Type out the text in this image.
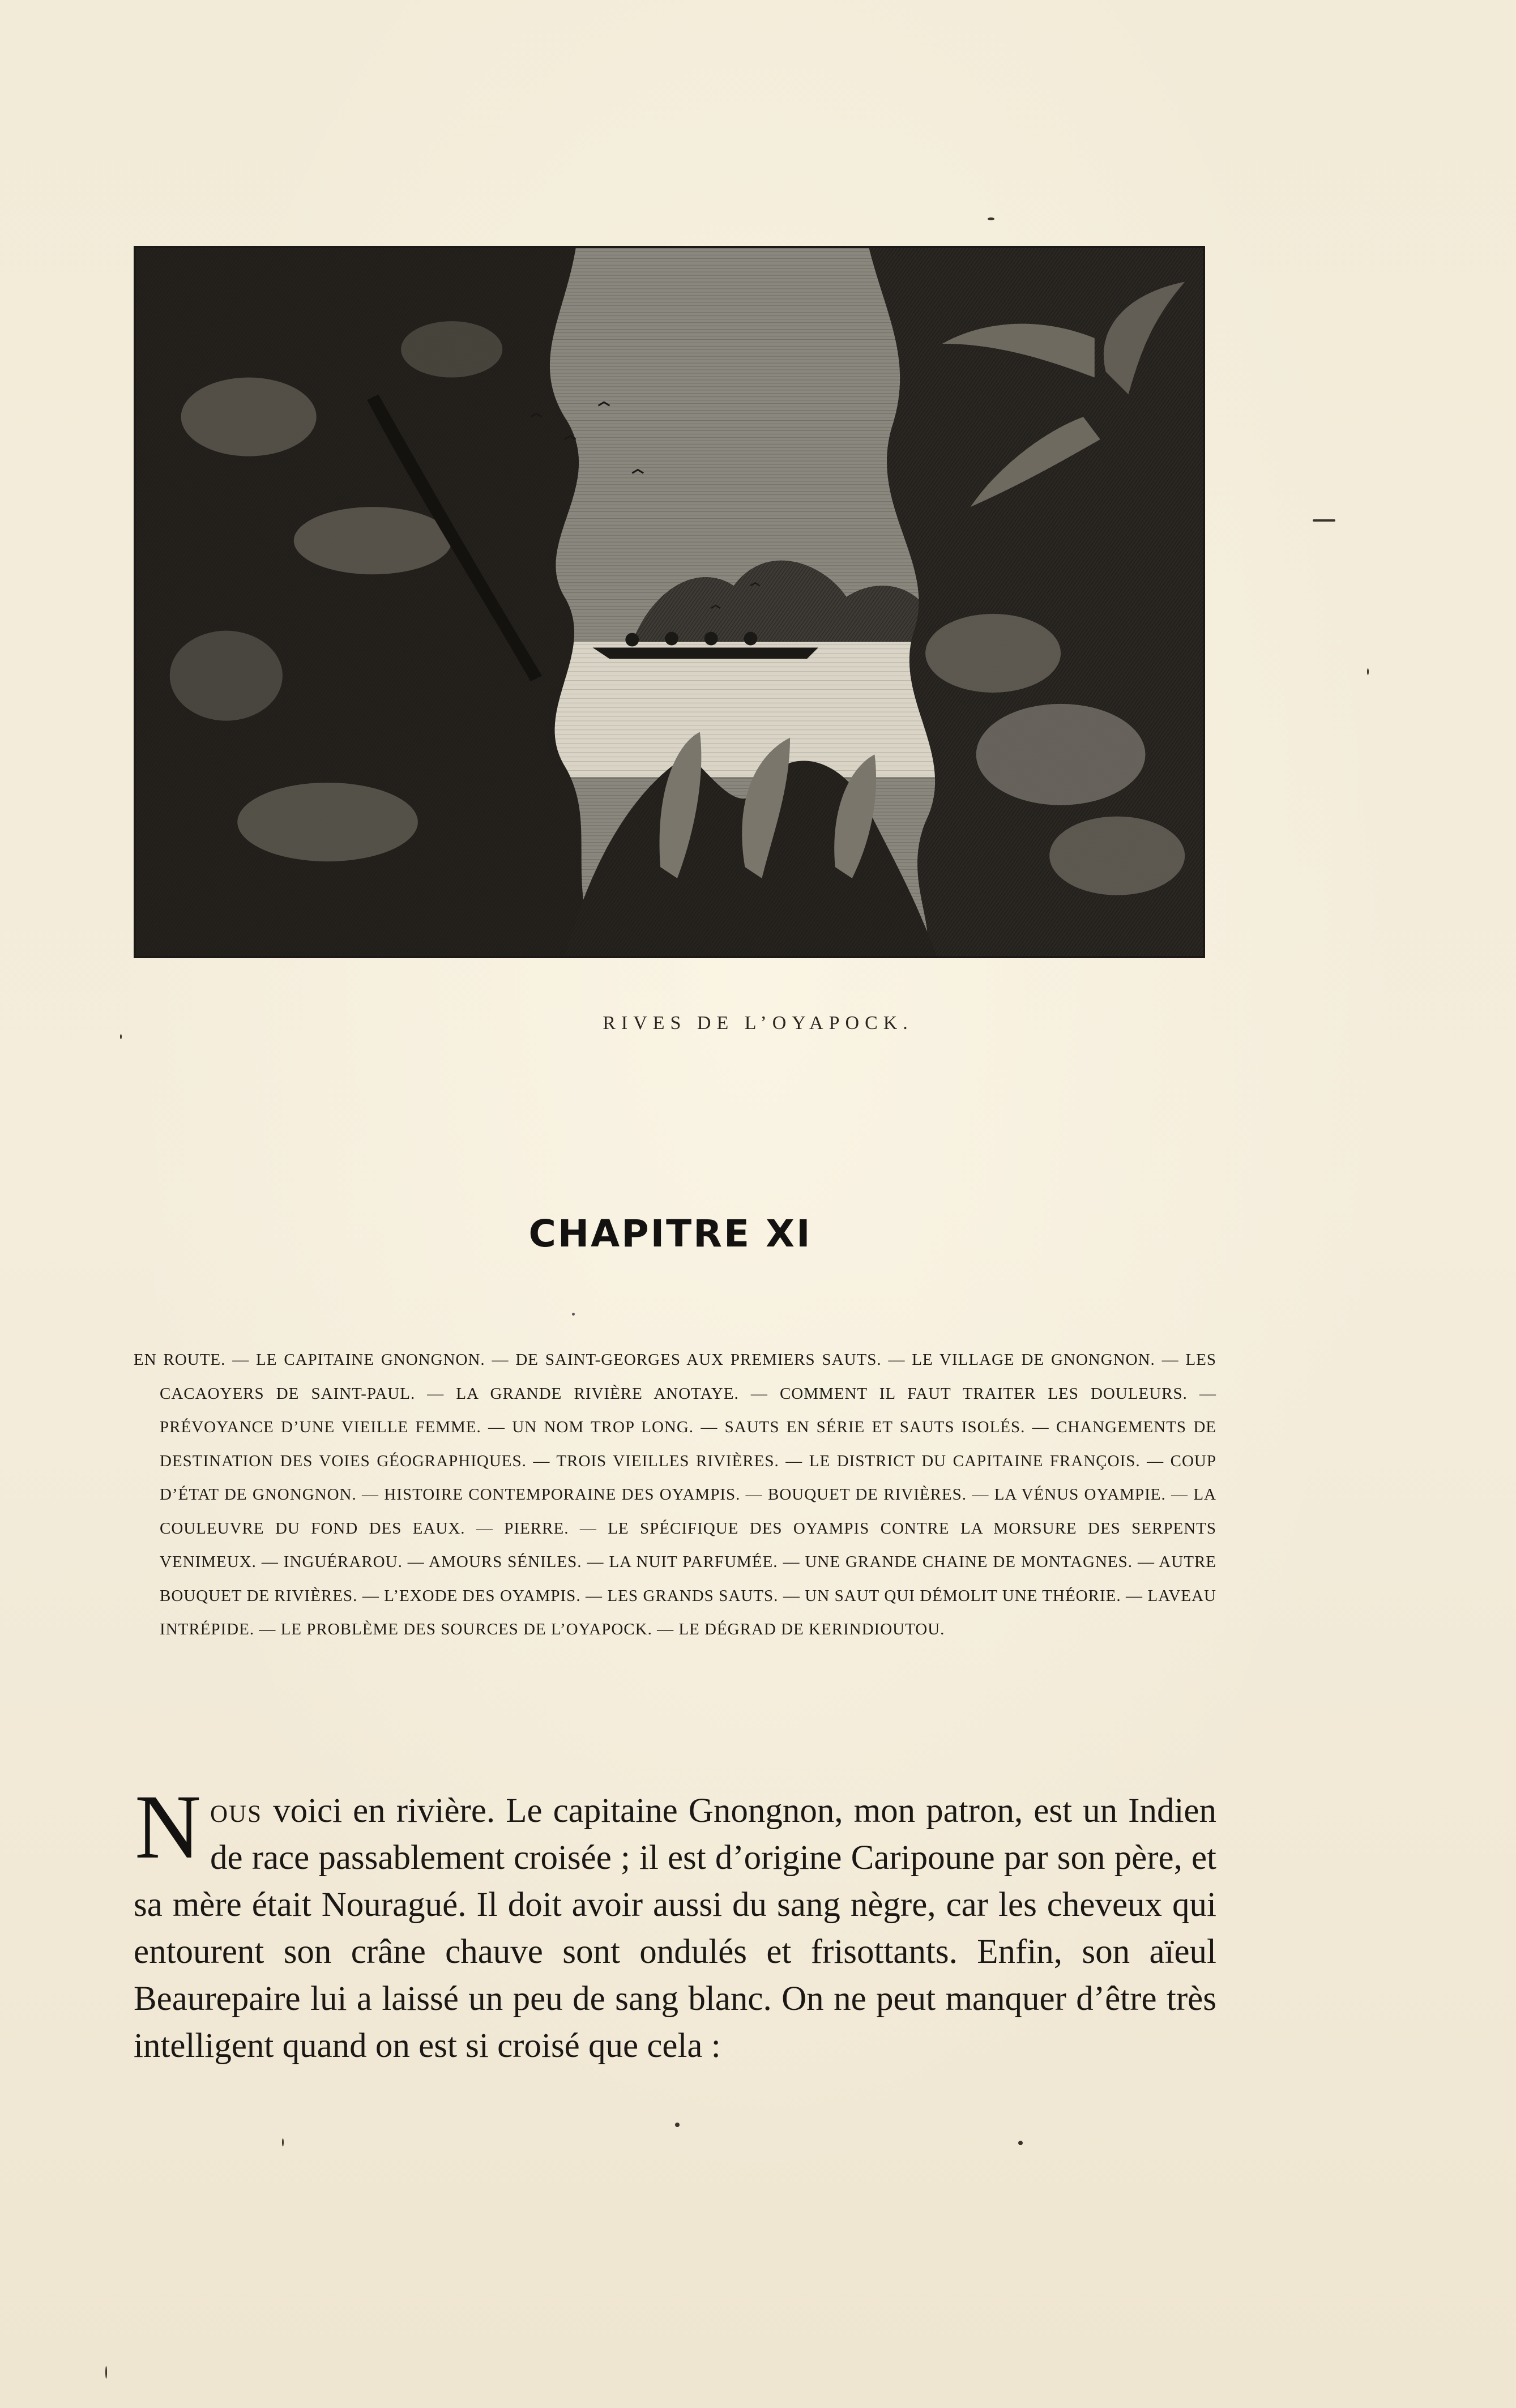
RIVES DE L’OYAPOCK.
CHAPITRE XI
EN ROUTE. — LE CAPITAINE GNONGNON. — DE SAINT-GEORGES AUX PREMIERS SAUTS. — LE VILLAGE DE GNONGNON. — LES CACAOYERS DE SAINT-PAUL. — LA GRANDE RIVIÈRE ANOTAYE. — COMMENT IL FAUT TRAITER LES DOULEURS. — PRÉVOYANCE D’UNE VIEILLE FEMME. — UN NOM TROP LONG. — SAUTS EN SÉRIE ET SAUTS ISOLÉS. — CHANGEMENTS DE DESTINATION DES VOIES GÉOGRAPHIQUES. — TROIS VIEILLES RIVIÈRES. — LE DISTRICT DU CAPITAINE FRANÇOIS. — COUP D’ÉTAT DE GNONGNON. — HISTOIRE CONTEMPORAINE DES OYAMPIS. — BOUQUET DE RIVIÈRES. — LA VÉNUS OYAMPIE. — LA COULEUVRE DU FOND DES EAUX. — PIERRE. — LE SPÉCIFIQUE DES OYAMPIS CONTRE LA MORSURE DES SERPENTS VENIMEUX. — INGUÉRAROU. — AMOURS SÉNILES. — LA NUIT PARFUMÉE. — UNE GRANDE CHAINE DE MONTAGNES. — AUTRE BOUQUET DE RIVIÈRES. — L’EXODE DES OYAMPIS. — LES GRANDS SAUTS. — UN SAUT QUI DÉMOLIT UNE THÉORIE. — LAVEAU INTRÉPIDE. — LE PROBLÈME DES SOURCES DE L’OYAPOCK. — LE DÉGRAD DE KERINDIOUTOU.
Nous voici en rivière. Le capitaine Gnongnon, mon patron, est un Indien de race passablement croisée ; il est d’origine Caripoune par son père, et sa mère était Nouragué. Il doit avoir aussi du sang nègre, car les cheveux qui entourent son crâne chauve sont ondulés et frisottants. Enfin, son aïeul Beaurepaire lui a laissé un peu de sang blanc. On ne peut manquer d’être très intelligent quand on est si croisé que cela :
